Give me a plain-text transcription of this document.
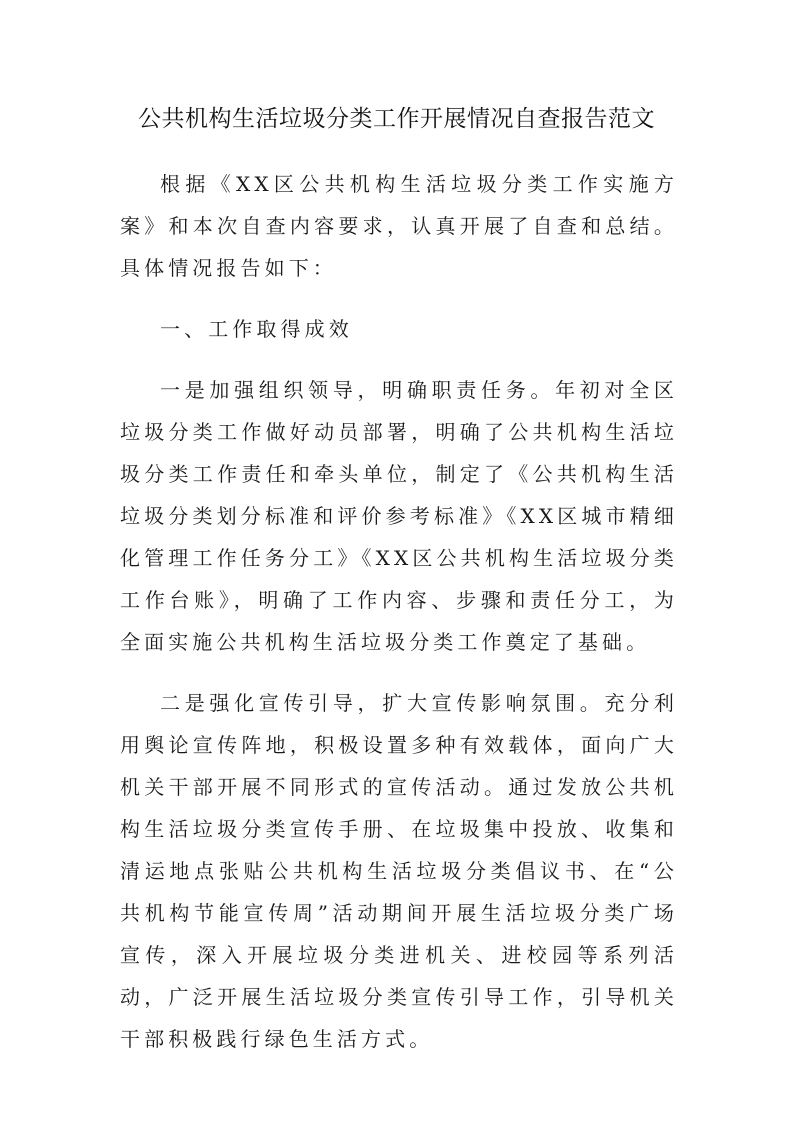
公共机构生活垃圾分类工作开展情况自查报告范文

根据《XX区公共机构生活垃圾分类工作实施方案》和本次自查内容要求，认真开展了自查和总结。具体情况报告如下：

一、工作取得成效

一是加强组织领导，明确职责任务。年初对全区垃圾分类工作做好动员部署，明确了公共机构生活垃圾分类工作责任和牵头单位，制定了《公共机构生活垃圾分类划分标准和评价参考标准》《XX区城市精细化管理工作任务分工》《XX区公共机构生活垃圾分类工作台账》，明确了工作内容、步骤和责任分工，为全面实施公共机构生活垃圾分类工作奠定了基础。

二是强化宣传引导，扩大宣传影响氛围。充分利用舆论宣传阵地，积极设置多种有效载体，面向广大机关干部开展不同形式的宣传活动。通过发放公共机构生活垃圾分类宣传手册、在垃圾集中投放、收集和清运地点张贴公共机构生活垃圾分类倡议书、在“公共机构节能宣传周”活动期间开展生活垃圾分类广场宣传，深入开展垃圾分类进机关、进校园等系列活动，广泛开展生活垃圾分类宣传引导工作，引导机关干部积极践行绿色生活方式。
